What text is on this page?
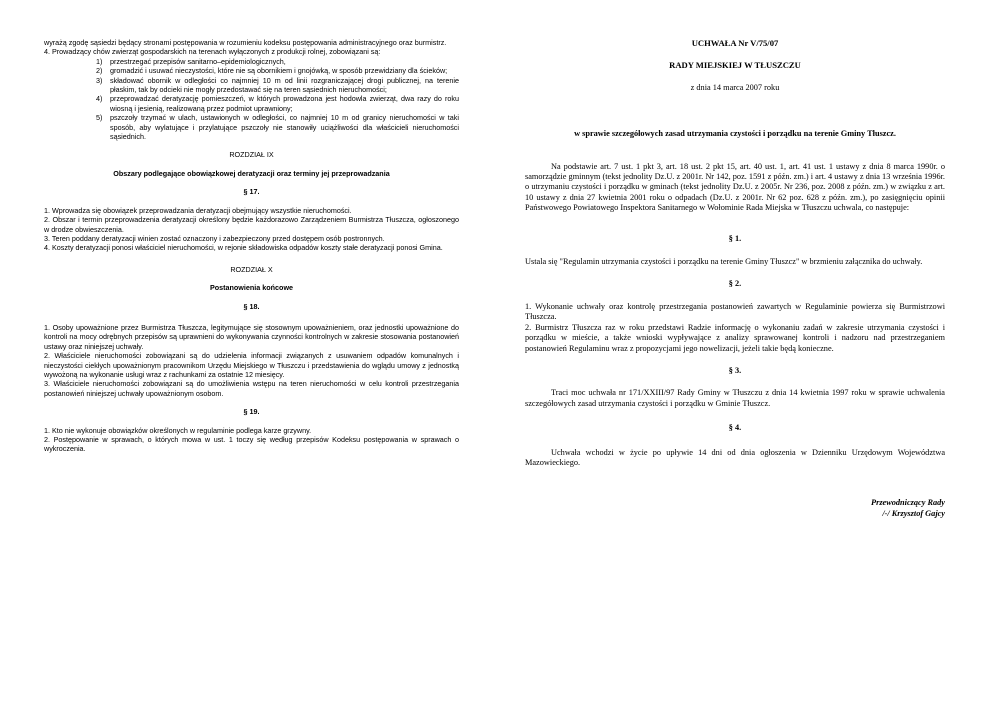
wyrażą zgodę sąsiedzi będący stronami postępowania w rozumieniu kodeksu postępowania administracyjnego oraz burmistrz.

4. Prowadzący chów zwierząt gospodarskich na terenach wyłączonych z produkcji rolnej, zobowiązani są:

1)	przestrzegać przepisów sanitarno–epidemiologicznych,
2)	gromadzić i usuwać nieczystości, które nie są obornikiem i gnojówką, w sposób przewidziany dla ścieków;
3)	składować obornik w odległości co najmniej 10 m od linii rozgraniczającej drogi publicznej, na terenie płaskim, tak by odcieki nie mogły przedostawać się na teren sąsiednich nieruchomości;
4)	przeprowadzać deratyzację pomieszczeń, w których prowadzona jest hodowla zwierząt, dwa razy do roku wiosną i jesienią, realizowaną przez podmiot uprawniony;
5)	pszczoły trzymać w ulach, ustawionych w odległości, co najmniej 10 m od granicy nieruchomości w taki sposób, aby wylatujące i przylatujące pszczoły nie stanowiły uciążliwości dla właścicieli nieruchomości sąsiednich.

ROZDZIAŁ IX

Obszary podlegające obowiązkowej deratyzacji oraz terminy jej przeprowadzania

§ 17.

1. Wprowadza się obowiązek przeprowadzania deratyzacji obejmujący wszystkie nieruchomości.

2. Obszar i termin przeprowadzenia deratyzacji określony będzie każdorazowo Zarządzeniem Burmistrza Tłuszcza, ogłoszonego w drodze obwieszczenia.

3. Teren poddany deratyzacji winien zostać oznaczony i zabezpieczony przed dostępem osób postronnych.

4. Koszty deratyzacji ponosi właściciel nieruchomości, w rejonie składowiska odpadów koszty stałe deratyzacji ponosi Gmina.

ROZDZIAŁ X

Postanowienia końcowe

§ 18.

1. Osoby upoważnione przez Burmistrza Tłuszcza, legitymujące się stosownym upoważnieniem, oraz jednostki upoważnione do kontroli na mocy odrębnych przepisów są uprawnieni do wykonywania czynności kontrolnych w zakresie stosowania postanowień ustawy oraz niniejszej uchwały.

2. Właściciele nieruchomości zobowiązani są do udzielenia informacji związanych z usuwaniem odpadów komunalnych i nieczystości ciekłych upoważnionym pracownikom Urzędu Miejskiego w Tłuszczu i przedstawienia do wglądu umowy z jednostką wywożoną na wykonanie usługi wraz z rachunkami za ostatnie 12 miesięcy.

3. Właściciele nieruchomości zobowiązani są do umożliwienia wstępu na teren nieruchomości w celu kontroli przestrzegania postanowień niniejszej uchwały upoważnionym osobom.

§ 19.

1. Kto nie wykonuje obowiązków określonych w regulaminie podlega karze grzywny.

2. Postępowanie w sprawach, o których mowa w ust. 1 toczy się według przepisów Kodeksu postępowania w sprawach o wykroczenia.

UCHWAŁA Nr V/75/07

RADY MIEJSKIEJ W TŁUSZCZU

z dnia 14 marca 2007 roku

w sprawie szczegółowych zasad utrzymania czystości i porządku na terenie Gminy Tłuszcz.

Na podstawie art. 7 ust. 1 pkt 3, art. 18 ust. 2 pkt 15, art. 40 ust. 1, art. 41 ust. 1 ustawy z dnia 8 marca 1990r. o samorządzie gminnym (tekst jednolity Dz.U. z 2001r. Nr 142, poz. 1591 z późn. zm.) i art. 4 ustawy z dnia 13 września 1996r. o utrzymaniu czystości i porządku w gminach (tekst jednolity Dz.U. z 2005r. Nr 236, poz. 2008 z późn. zm.) w związku z art. 10 ustawy z dnia 27 kwietnia 2001 roku o odpadach (Dz.U. z 2001r. Nr 62 poz. 628 z późn. zm.), po zasięgnięciu opinii Państwowego Powiatowego Inspektora Sanitarnego w Wołominie Rada Miejska w Tłuszczu uchwala, co następuje:

§ 1.

Ustala się "Regulamin utrzymania czystości i porządku na terenie Gminy Tłuszcz" w brzmieniu załącznika do uchwały.

§ 2.

1. Wykonanie uchwały oraz kontrolę przestrzegania postanowień zawartych w Regulaminie powierza się Burmistrzowi Tłuszcza.

2. Burmistrz Tłuszcza raz w roku przedstawi Radzie informację o wykonaniu zadań w zakresie utrzymania czystości i porządku w mieście, a także wnioski wypływające z analizy sprawowanej kontroli i nadzoru nad przestrzeganiem postanowień Regulaminu wraz z propozycjami jego nowelizacji, jeżeli takie będą konieczne.

§ 3.

Traci moc uchwała nr 171/XXIII/97 Rady Gminy w Tłuszczu z dnia 14 kwietnia 1997 roku w sprawie uchwalenia szczegółowych zasad utrzymania czystości i porządku w Gminie Tłuszcz.

§ 4.

Uchwała wchodzi w życie po upływie 14 dni od dnia ogłoszenia w Dzienniku Urzędowym Województwa Mazowieckiego.

Przewodniczący Rady

/-/ Krzysztof Gajcy
